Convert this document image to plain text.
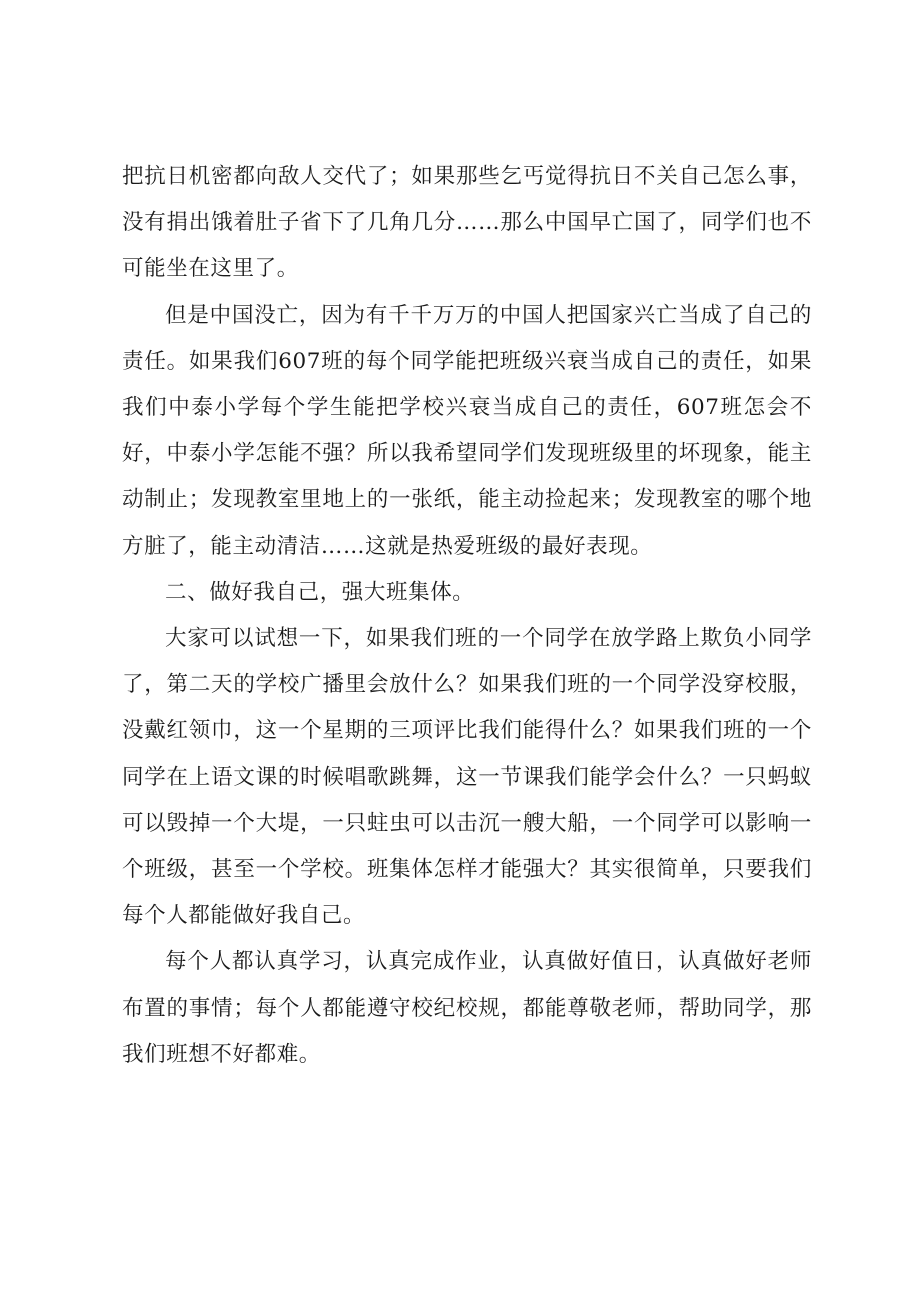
把抗日机密都向敌人交代了；如果那些乞丐觉得抗日不关自己怎么事，没有捐出饿着肚子省下了几角几分……那么中国早亡国了，同学们也不可能坐在这里了。

但是中国没亡，因为有千千万万的中国人把国家兴亡当成了自己的责任。如果我们607班的每个同学能把班级兴衰当成自己的责任，如果我们中泰小学每个学生能把学校兴衰当成自己的责任，607班怎会不好，中泰小学怎能不强？所以我希望同学们发现班级里的坏现象，能主动制止；发现教室里地上的一张纸，能主动捡起来；发现教室的哪个地方脏了，能主动清洁……这就是热爱班级的最好表现。

二、做好我自己，强大班集体。

大家可以试想一下，如果我们班的一个同学在放学路上欺负小同学了，第二天的学校广播里会放什么？如果我们班的一个同学没穿校服，没戴红领巾，这一个星期的三项评比我们能得什么？如果我们班的一个同学在上语文课的时候唱歌跳舞，这一节课我们能学会什么？一只蚂蚁可以毁掉一个大堤，一只蛀虫可以击沉一艘大船，一个同学可以影响一个班级，甚至一个学校。班集体怎样才能强大？其实很简单，只要我们每个人都能做好我自己。

每个人都认真学习，认真完成作业，认真做好值日，认真做好老师布置的事情；每个人都能遵守校纪校规，都能尊敬老师，帮助同学，那我们班想不好都难。
